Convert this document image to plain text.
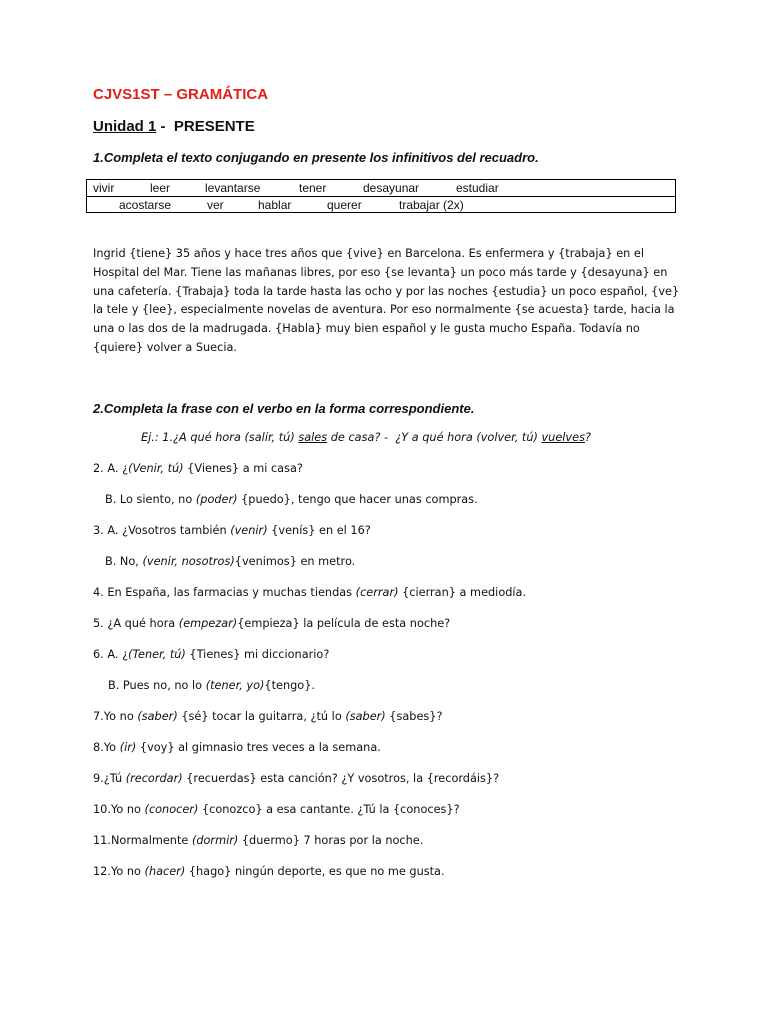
CJVS1ST – GRAMÁTICA
Unidad 1 -  PRESENTE
1.Completa el texto conjugando en presente los infinitivos del recuadro.
vivir	leer	levantarse	tener	desayunar	estudiar
acostarse	ver	hablar	querer	trabajar (2x)
Ingrid {tiene} 35 años y hace tres años que {vive} en Barcelona. Es enfermera y {trabaja} en el
Hospital del Mar. Tiene las mañanas libres, por eso {se levanta} un poco más tarde y {desayuna} en
una cafetería. {Trabaja} toda la tarde hasta las ocho y por las noches {estudia} un poco español, {ve}
la tele y {lee}, especialmente novelas de aventura. Por eso normalmente {se acuesta} tarde, hacia la
una o las dos de la madrugada. {Habla} muy bien español y le gusta mucho España. Todavía no
{quiere} volver a Suecia.
2.Completa la frase con el verbo en la forma correspondiente.
Ej.: 1.¿A qué hora (salir, tú) sales de casa? -  ¿Y a qué hora (volver, tú) vuelves?
2. A. ¿(Venir, tú) {Vienes} a mi casa?
B. Lo siento, no (poder) {puedo}, tengo que hacer unas compras.
3. A. ¿Vosotros también (venir) {venís} en el 16?
B. No, (venir, nosotros){venimos} en metro.
4. En España, las farmacias y muchas tiendas (cerrar) {cierran} a mediodía.
5. ¿A qué hora (empezar){empieza} la película de esta noche?
6. A. ¿(Tener, tú) {Tienes} mi diccionario?
B. Pues no, no lo (tener, yo){tengo}.
7.Yo no (saber) {sé} tocar la guitarra, ¿tú lo (saber) {sabes}?
8.Yo (ir) {voy} al gimnasio tres veces a la semana.
9.¿Tú (recordar) {recuerdas} esta canción? ¿Y vosotros, la {recordáis}?
10.Yo no (conocer) {conozco} a esa cantante. ¿Tú la {conoces}?
11.Normalmente (dormir) {duermo} 7 horas por la noche.
12.Yo no (hacer) {hago} ningún deporte, es que no me gusta.
